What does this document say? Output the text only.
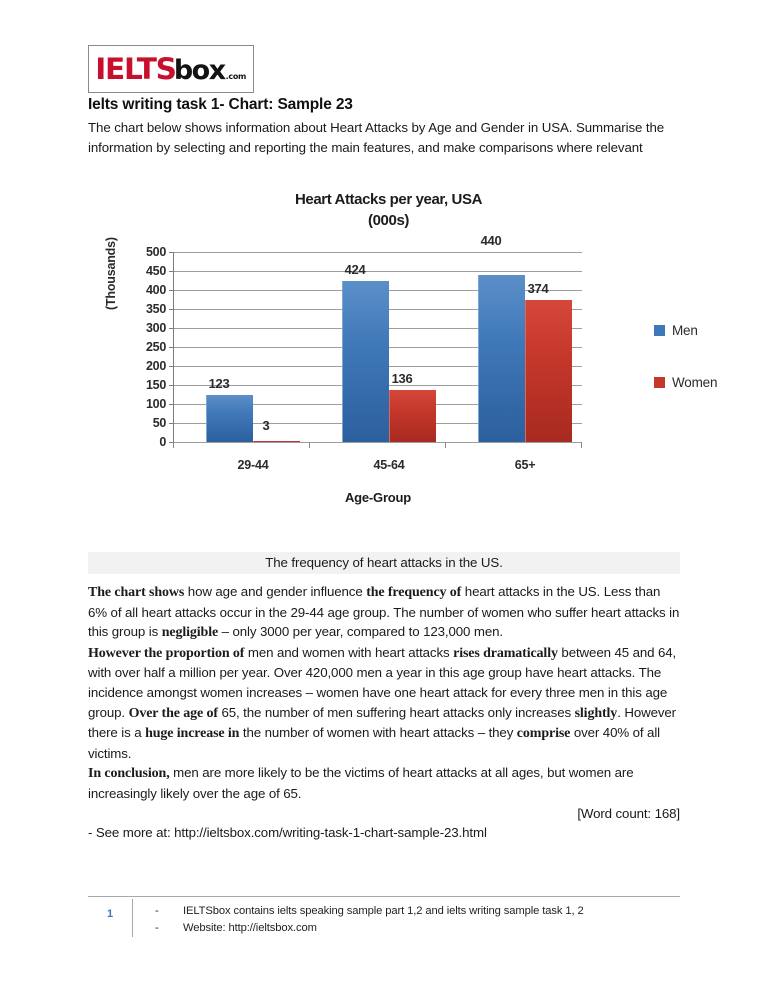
IELTS
box .com
Ielts writing task 1- Chart: Sample 23
The chart below shows information about Heart Attacks by Age and Gender in USA. Summarise the information by selecting and reporting the main features, and make comparisons where relevant
Heart Attacks per year, USA
(000s)
(Thousands) 500
450
400
350
300
250
200
150
100
50
0
123
3
29-44
424
136
45-64
440
374
65+
Age-Group
Men
Women
The frequency of heart attacks in the US.

The chart shows how age and gender influence the frequency of heart attacks in the US. Less than 6% of all heart attacks occur in the 29-44 age group. The number of women who suffer heart attacks in this group is negligible – only 3000 per year, compared to 123,000 men.

However the proportion of men and women with heart attacks rises dramatically between 45 and 64, with over half a million per year. Over 420,000 men a year in this age group have heart attacks. The incidence amongst women increases – women have one heart attack for every three men in this age group. Over the age of 65, the number of men suffering heart attacks only increases slightly. However there is a huge increase in the number of women with heart attacks – they comprise over 40% of all victims.

In conclusion, men are more likely to be the victims of heart attacks at all ages, but women are increasingly likely over the age of 65.

[Word count: 168]

- See more at: http://ieltsbox.com/writing-task-1-chart-sample-23.html

1	-	IELTSbox contains ielts speaking sample part 1,2 and ielts writing sample task 1, 2
-	Website: http://ieltsbox.com
